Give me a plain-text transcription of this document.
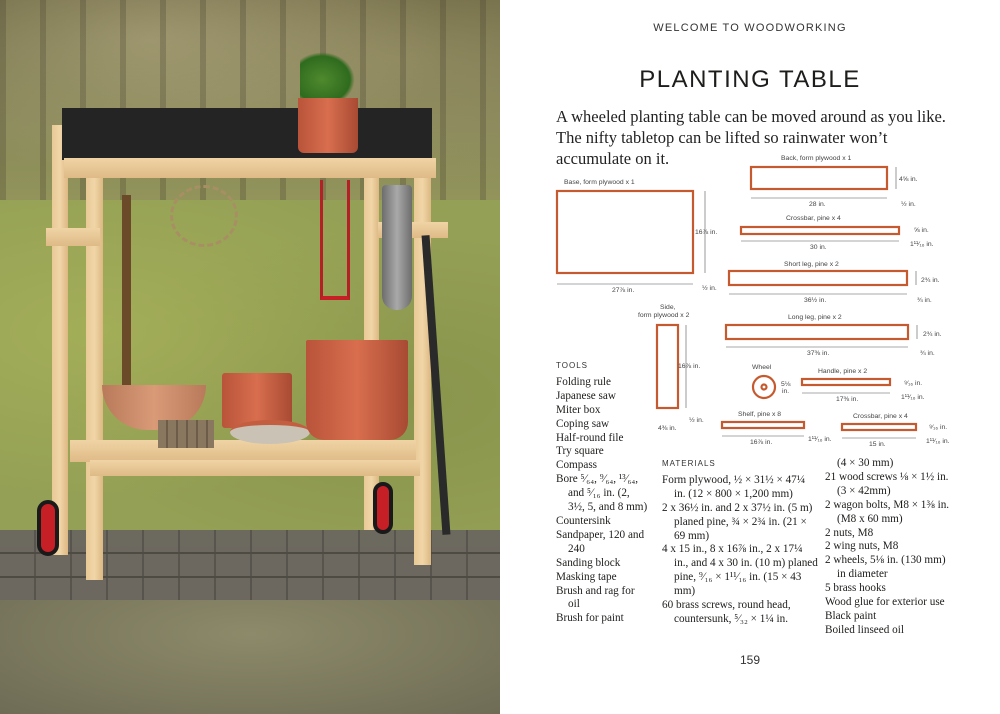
WELCOME TO WOODWORKING
PLANTING TABLE
A wheeled planting table can be moved around as you like. The nifty tabletop can be lifted so rainwater won’t accumulate on it.
Base, form plywood x 1
27⅞ in.
16⅞ in.
½ in.
Back, form plywood x 1
28 in.
4⅝ in.
½ in.
Crossbar, pine x 4
30 in.
⅝ in.
1¹¹⁄₁₆ in.
Short leg, pine x 2
36½ in.
2¾ in.
¾ in.
Side,
form plywood x 2
16⅞ in.
4⅜ in.
½ in.
Long leg, pine x 2
37⅜ in.
2¾ in.
¾ in.
Wheel
5⅛
in.
Handle, pine x 2
17⅜ in.
⁹⁄₁₆ in.
1¹¹⁄₁₆ in.
Shelf, pine x 8
16⅞ in.	1¹¹⁄₁₆ in.
Crossbar, pine x 4
15 in.
⁹⁄₁₆ in.
1¹¹⁄₁₆ in.
TOOLS
Folding rule
Japanese saw
Miter box
Coping saw
Half-round file
Try square
Compass
Bore ⁵⁄₆₄, ⁹⁄₆₄, ¹³⁄₆₄, and ⁵⁄₁₆ in. (2, 3½, 5, and 8 mm)
Countersink
Sandpaper, 120 and 240
Sanding block
Masking tape
Brush and rag for oil
Brush for paint
MATERIALS
Form plywood, ½ × 31½ × 47¼ in. (12 × 800 × 1,200 mm)
2 x 36½ in. and 2 x 37½ in. (5 m) planed pine, ¾ × 2¾ in. (21 × 69 mm)
4 x 15 in., 8 x 16⅞ in., 2 x 17¼ in., and 4 x 30 in. (10 m) planed pine, ⁹⁄₁₆ × 1¹¹⁄₁₆ in. (15 × 43 mm)
60 brass screws, round head, countersunk, ⁵⁄₃₂ × 1¼ in.
(4 × 30 mm)
21 wood screws ⅛ × 1½ in. (3 × 42mm)
2 wagon bolts, M8 × 1⅜ in. (M8 x 60 mm)
2 nuts, M8
2 wing nuts, M8
2 wheels, 5⅛ in. (130 mm) in diameter
5 brass hooks
Wood glue for exterior use
Black paint
Boiled linseed oil
159
